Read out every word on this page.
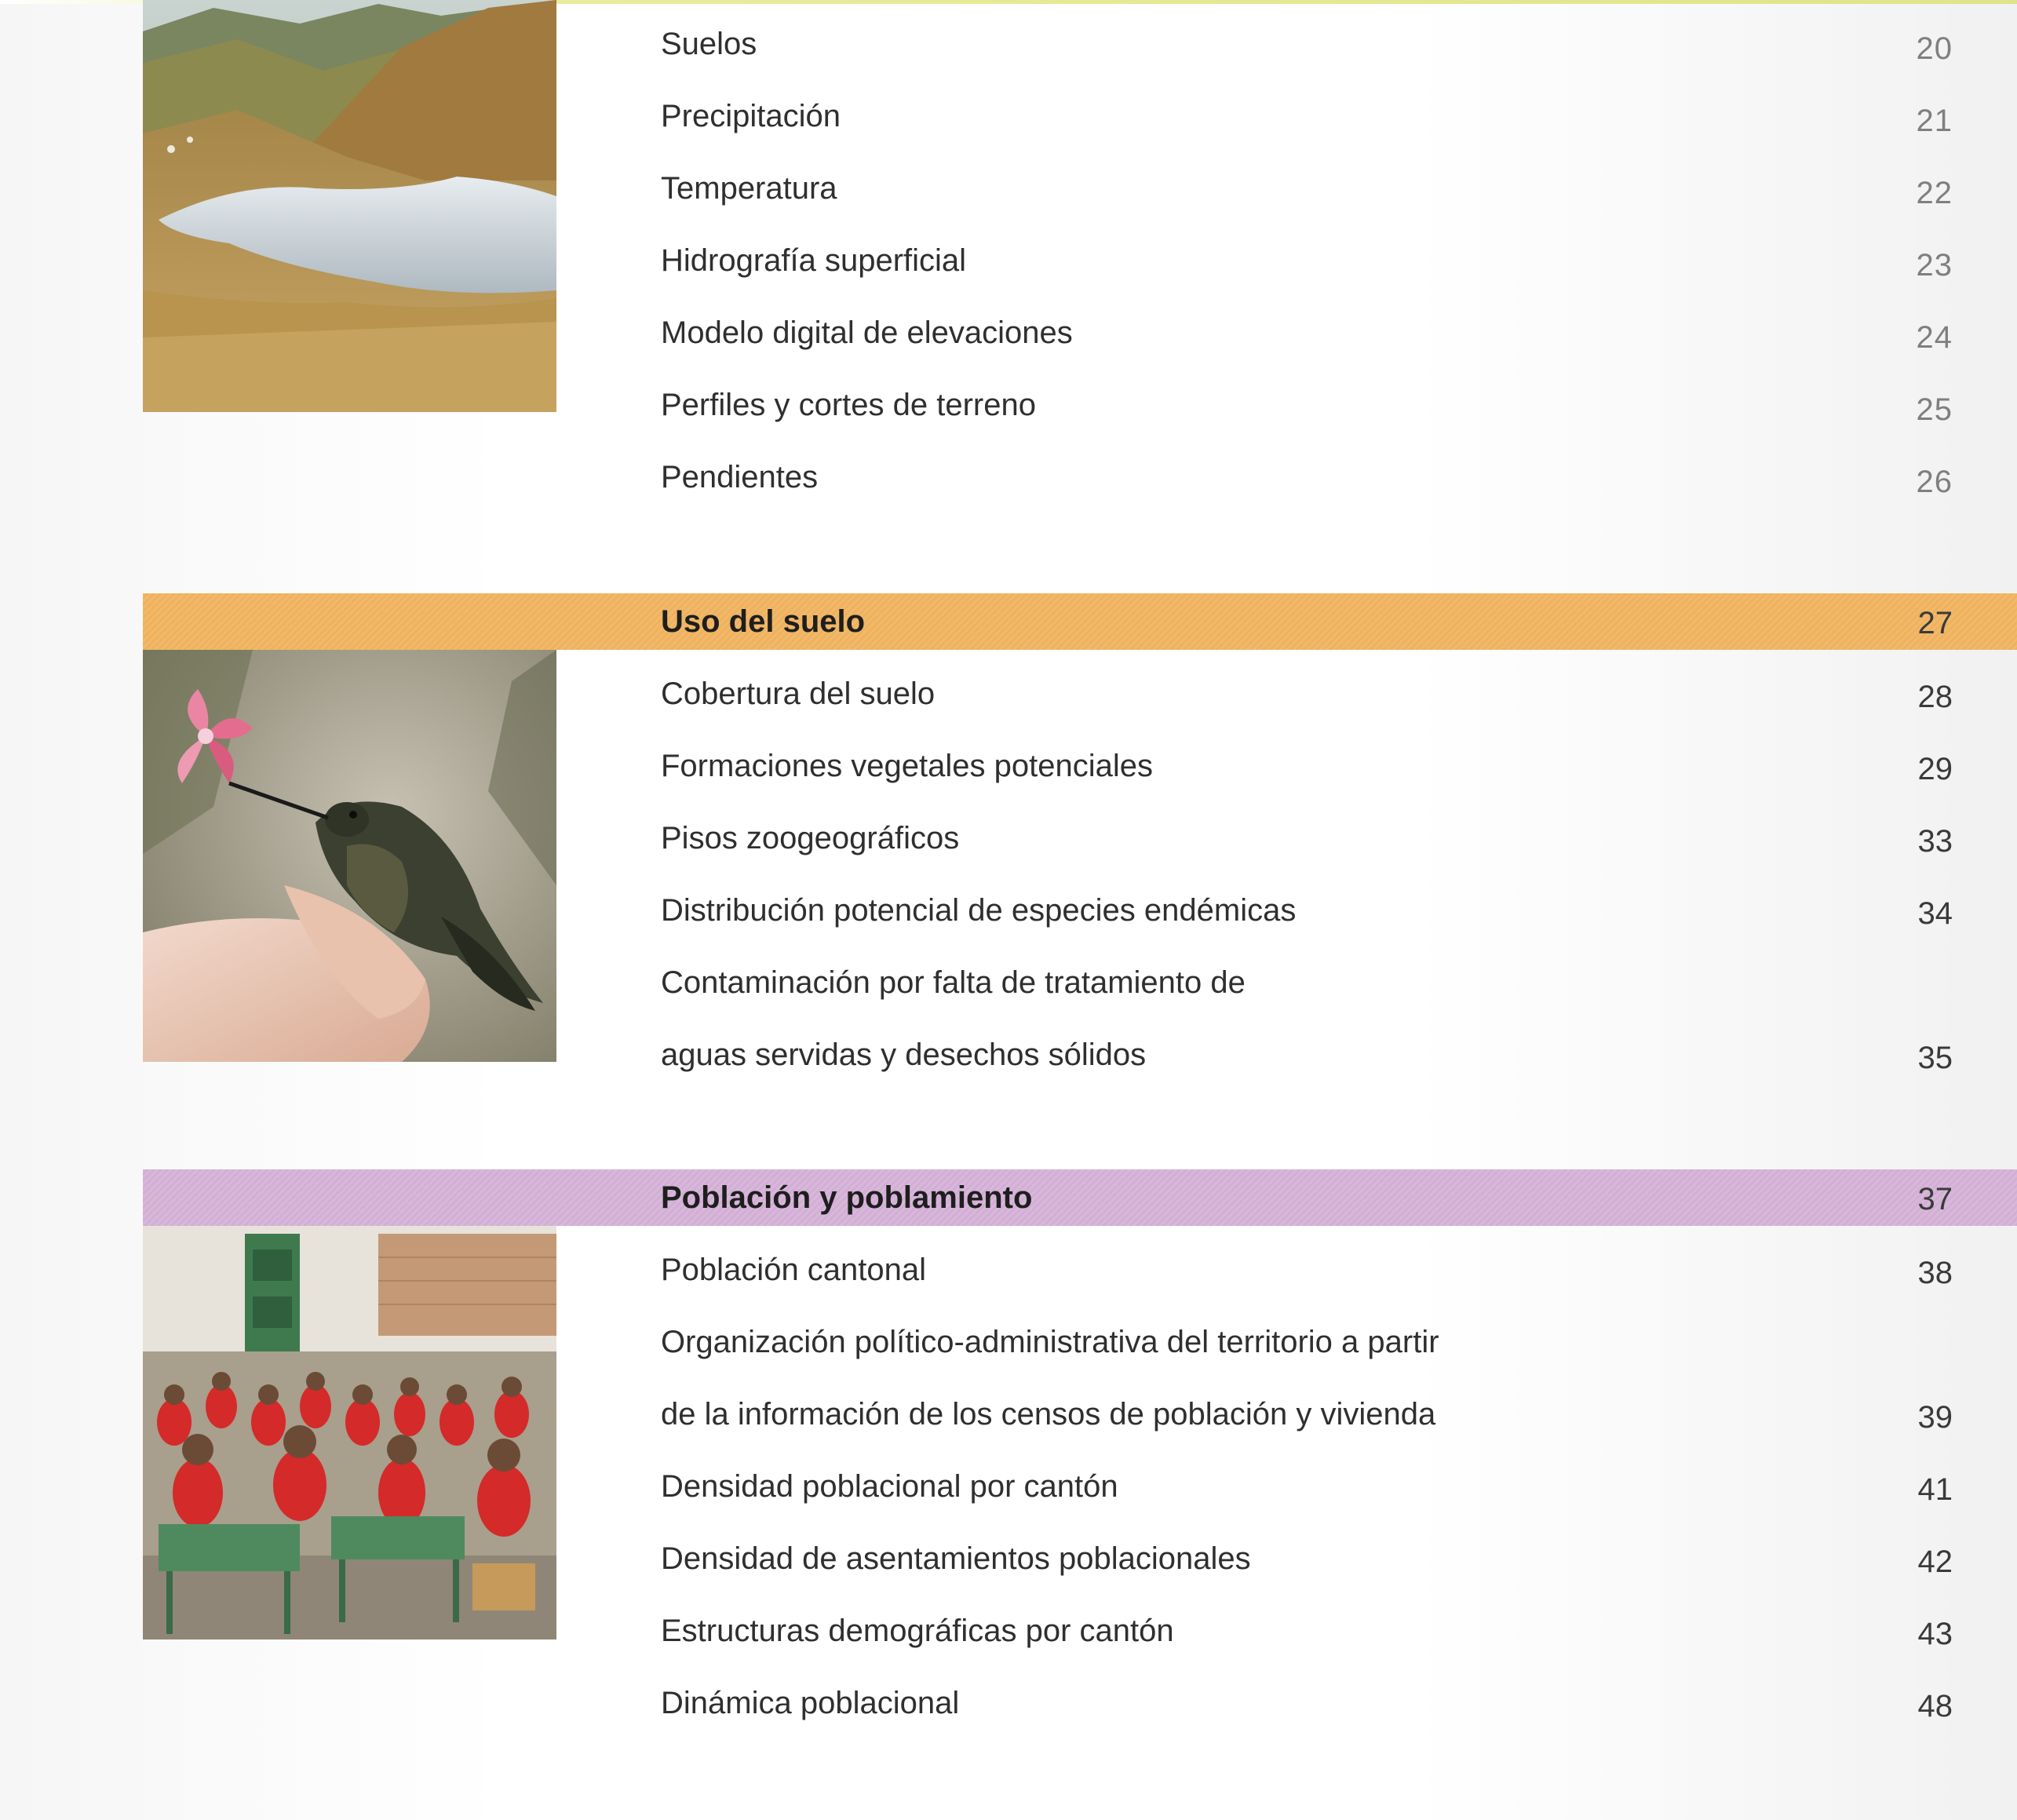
Suelos	20
Precipitación	21
Temperatura	22
Hidrografía superficial	23
Modelo digital de elevaciones	24
Perfiles y cortes de terreno	25
Pendientes	26
Uso del suelo	27
Cobertura del suelo	28
Formaciones vegetales potenciales	29
Pisos zoogeográficos	33
Distribución potencial de especies endémicas	34
Contaminación por falta de tratamiento de
aguas servidas y desechos sólidos	35
Población y poblamiento	37
Población cantonal	38
Organización político-administrativa del territorio a partir
de la información de los censos de población y vivienda	39
Densidad poblacional por cantón	41
Densidad de asentamientos poblacionales	42
Estructuras demográficas por cantón	43
Dinámica poblacional	48
